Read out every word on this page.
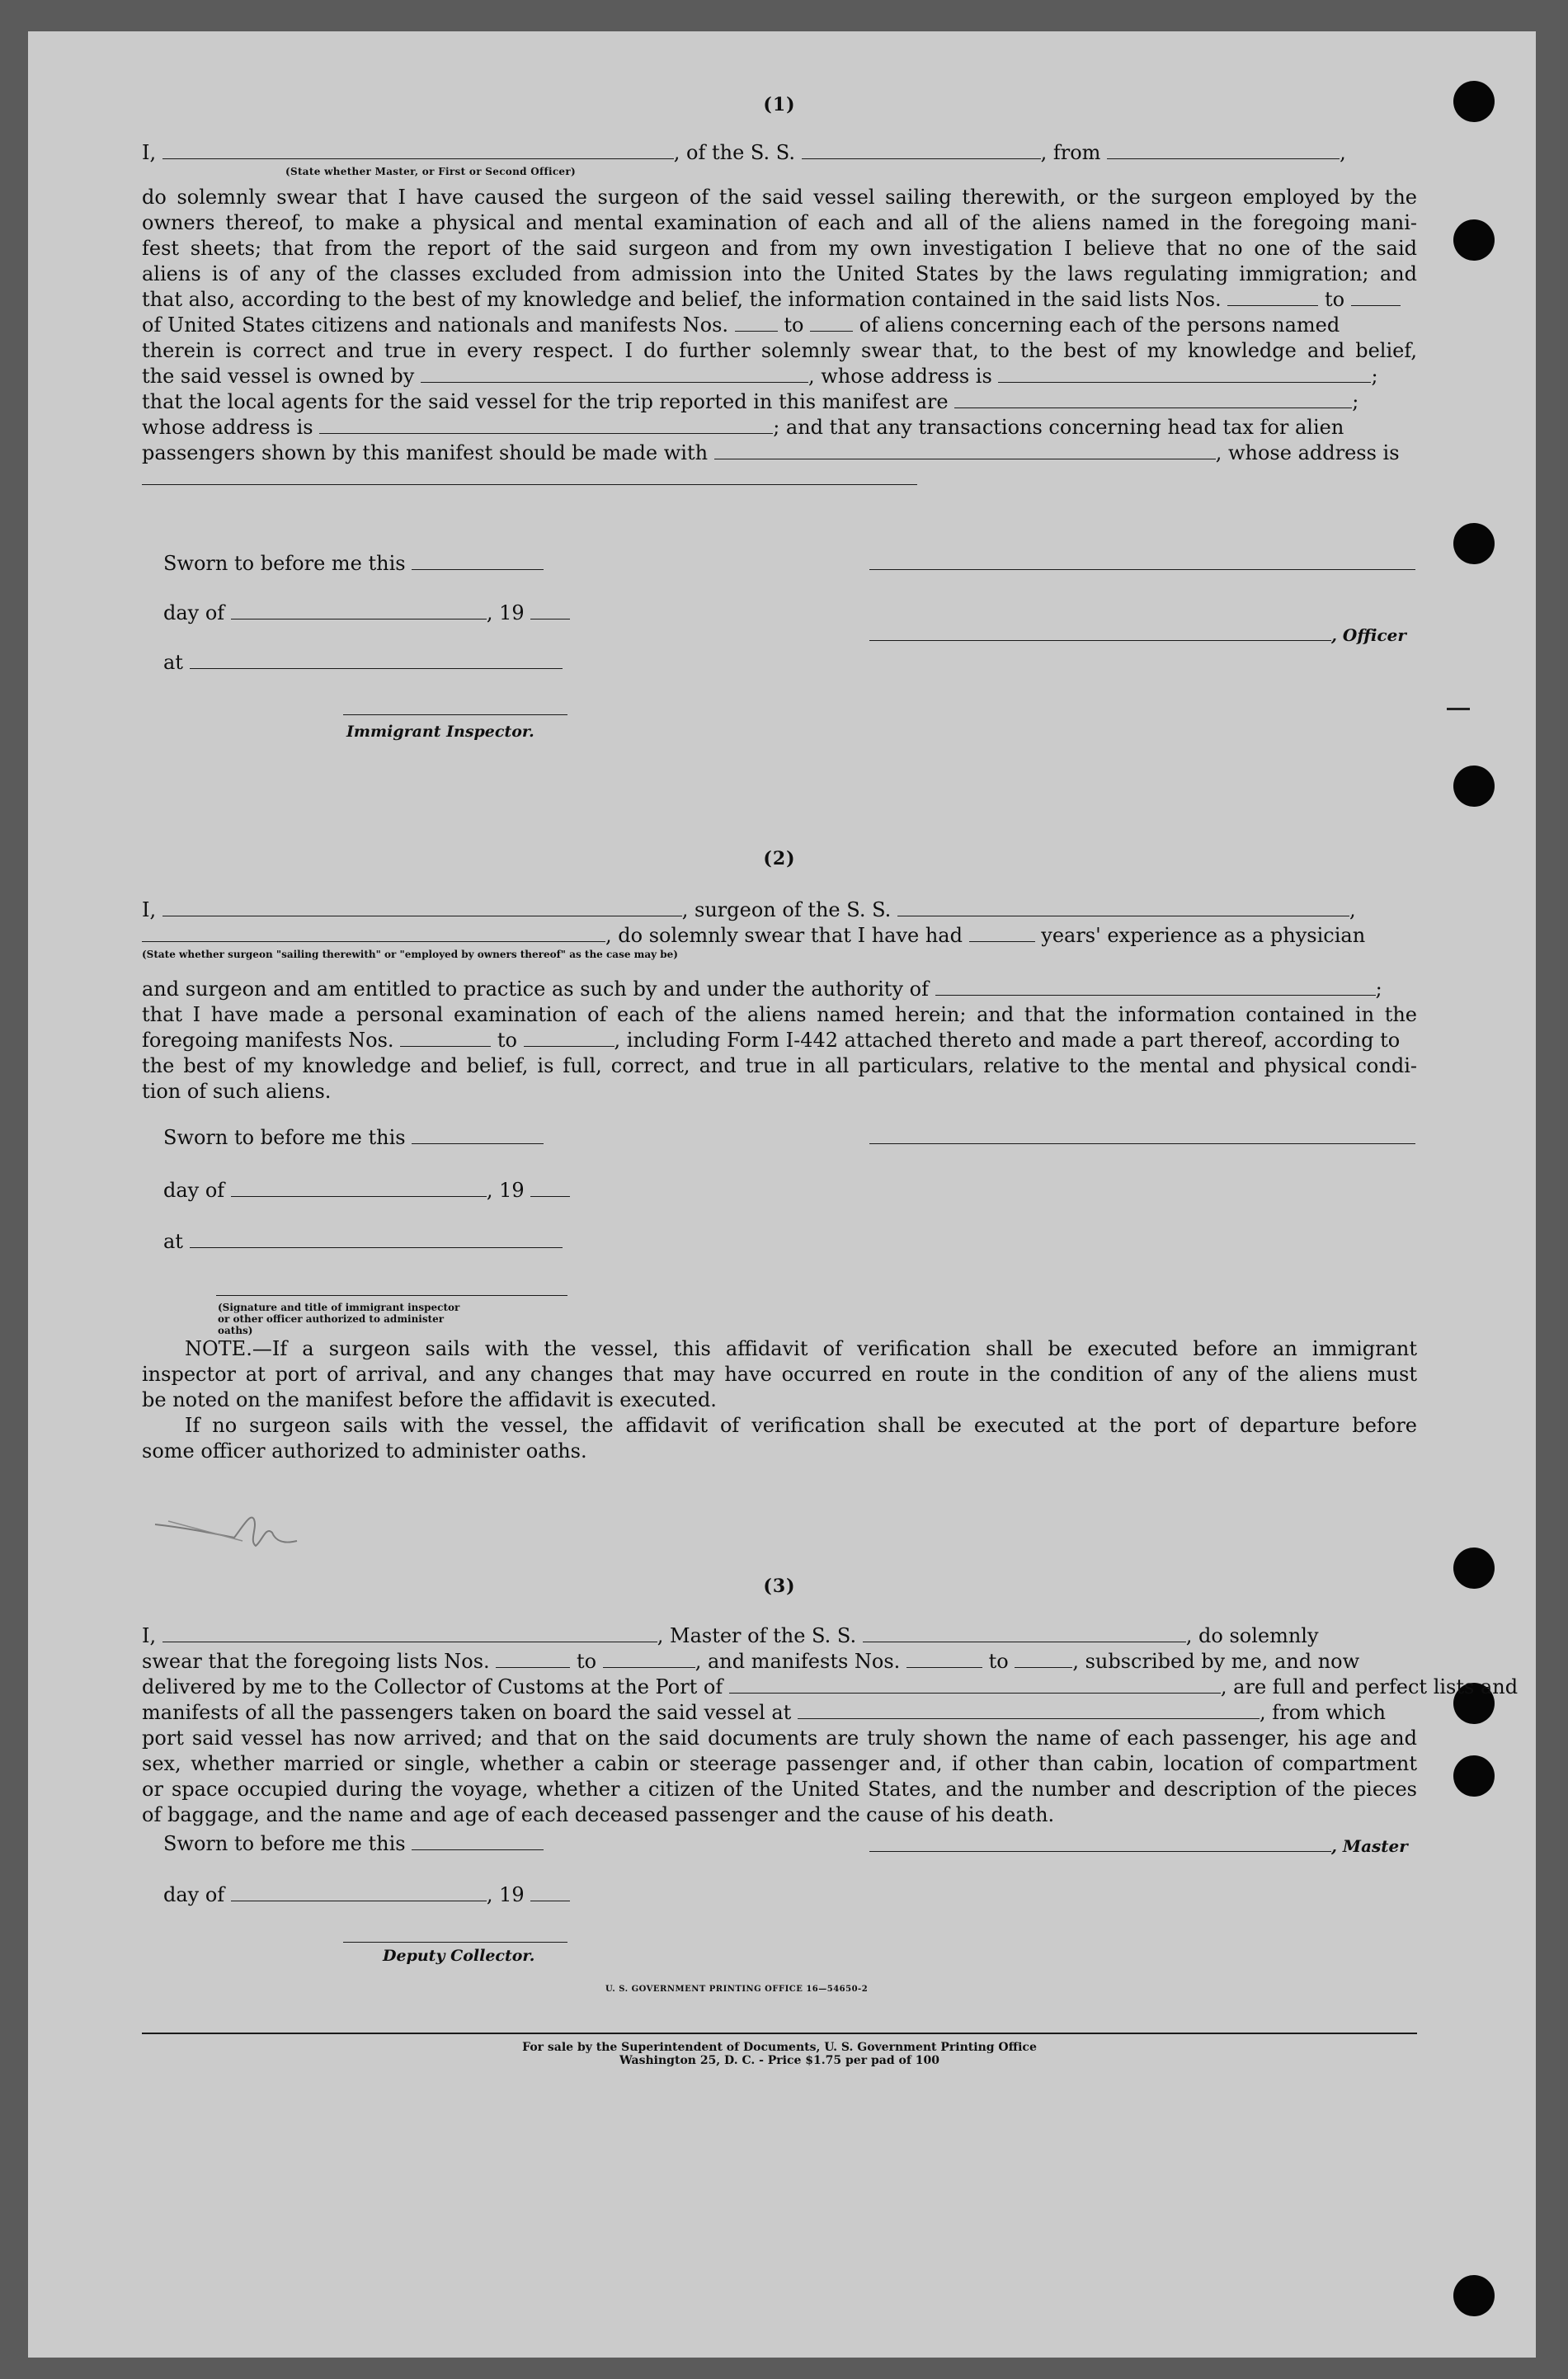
(1)
I,	, of the S. S.	, from	,
(State whether Master, or First or Second Officer)
do solemnly swear that I have caused the surgeon of the said vessel sailing therewith, or the surgeon employed by the
owners thereof, to make a physical and mental examination of each and all of the aliens named in the foregoing mani-
fest sheets; that from the report of the said surgeon and from my own investigation I believe that no one of the said
aliens is of any of the classes excluded from admission into the United States by the laws regulating immigration; and
that also, according to the best of my knowledge and belief, the information contained in the said lists Nos.	to
of United States citizens and nationals and manifests Nos.	to	of aliens concerning each of the persons named
therein is correct and true in every respect. I do further solemnly swear that, to the best of my knowledge and belief,
the said vessel is owned by	, whose address is	;
that the local agents for the said vessel for the trip reported in this manifest are	;
whose address is	; and that any transactions concerning head tax for alien
passengers shown by this manifest should be made with	, whose address is
Sworn to before me this
day of	, 19
, Officer
at
Immigrant Inspector.
(2)
I,	, surgeon of the S. S.	,
, do solemnly swear that I have had	years' experience as a physician
(State whether surgeon "sailing therewith" or "employed by owners thereof" as the case may be)
and surgeon and am entitled to practice as such by and under the authority of	;
that I have made a personal examination of each of the aliens named herein; and that the information contained in the
foregoing manifests Nos.	to	, including Form I-442 attached thereto and made a part thereof, according to
the best of my knowledge and belief, is full, correct, and true in all particulars, relative to the mental and physical condi-
tion of such aliens.
Sworn to before me this
day of	, 19
at
(Signature and title of immigrant inspector or other officer authorized to administer oaths)
NOTE.—If a surgeon sails with the vessel, this affidavit of verification shall be executed before an immigrant
inspector at port of arrival, and any changes that may have occurred en route in the condition of any of the aliens must
be noted on the manifest before the affidavit is executed.
If no surgeon sails with the vessel, the affidavit of verification shall be executed at the port of departure before
some officer authorized to administer oaths.
(3)
I,	, Master of the S. S.	, do solemnly
swear that the foregoing lists Nos.	to	, and manifests Nos.	to	, subscribed by me, and now
delivered by me to the Collector of Customs at the Port of	, are full and perfect lists and
manifests of all the passengers taken on board the said vessel at	, from which
port said vessel has now arrived; and that on the said documents are truly shown the name of each passenger, his age and
sex, whether married or single, whether a cabin or steerage passenger and, if other than cabin, location of compartment
or space occupied during the voyage, whether a citizen of the United States, and the number and description of the pieces
of baggage, and the name and age of each deceased passenger and the cause of his death.
Sworn to before me this	, Master
day of	, 19
Deputy Collector.
U. S. GOVERNMENT PRINTING OFFICE 16—54650-2
For sale by the Superintendent of Documents, U. S. Government Printing Office
Washington 25, D. C. - Price $1.75 per pad of 100
